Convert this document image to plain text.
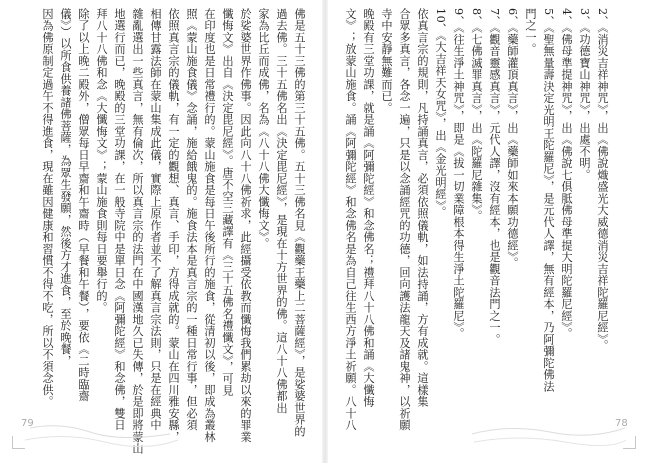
佛是五十三佛的第三十五佛。五十三佛名見《觀藥王藥上二菩薩經》，是娑婆世界的
過去佛。三十五佛名出《決定毘尼經》，是現在十方世界的佛。這八十八佛都出
家為比丘而成佛，名為《八十八佛大懺悔文》。
於娑婆世界作佛事。因此向八十八佛祈求，此經攝受依教而懺悔我們累劫以來的罪業
懺悔文》出自《決定毘尼經》。唐不空三藏譯有《三十五佛名禮懺文》，可見
在印度也是日常禮行的。蒙山施食是每日午後所行的施食，從清初以後，即成為叢林
照《蒙山施食儀》念誦，施給餓鬼的。施食法本是真言宗的一種日常行事，但必須
依照真言宗的儀軌，有一定的觀想、真言、手印，方得成就的。蒙山在四川雅安縣，
相傳甘露法師在蒙山集成此儀，實際上原作者並不了解真言宗法則，只是在經典中
雜亂選出一些真言，無有倫次，所以真言宗的法門在中國漢地久已失傳，於是即將蒙山
地選行而已，晚殿的三堂功課，在一般寺院中是單日念《阿彌陀經》和念佛，雙日
拜八十八佛和念《大懺悔文》；蒙山施食則每日要舉行的。
除了以上晚二殿外，僧眾每日早齋和午齋時（早餐和午餐），要依《二時臨齋
儀》）以所食供養諸佛菩薩，為眾生發願，然後方才進食，至於晚餐，
因為佛原制定過午不得進食，現在雖因健康和習慣不得不吃，所以不須念供。
79
2、《消災吉祥神咒》，出《佛說熾盛光大威德消災吉祥陀羅尼經》。
3、《功德寶山神咒》，出處不明。
4、《佛母準提神咒》，出《佛說七俱胝佛母準提大明陀羅尼經》。
5、《聖無量壽決定光明王陀羅尼》，是元代人譯，無有經本，乃阿彌陀佛法
門之一。
6、《藥師灌頂真言》，出《藥師如來本願功德經》。
7、《觀音靈感真言》，元代人譯，沒有經本，也是觀音法門之一。
8、《七佛滅罪真言》，出《陀羅尼雜集》。
9、《往生淨土神咒》，即是《拔一切業障根本得生淨土陀羅尼》。
10、《大吉祥天女咒》，出《金光明經》。
依真言宗的規則，凡持誦真言，必須依照儀軌，如法持誦，方有成就。這樣集
合眾多真言，各念一遍，只是以念誦經咒的功德，回向護法龍天及諸鬼神，以祈願
寺中安靜無難而已。
晚殿有三堂功課，就是誦《阿彌陀經》和念佛名；禮拜八十八佛和誦《大懺悔
文》；放蒙山施食。誦《阿彌陀經》和念佛名是為自己往生西方淨土祈願。八十八	78
